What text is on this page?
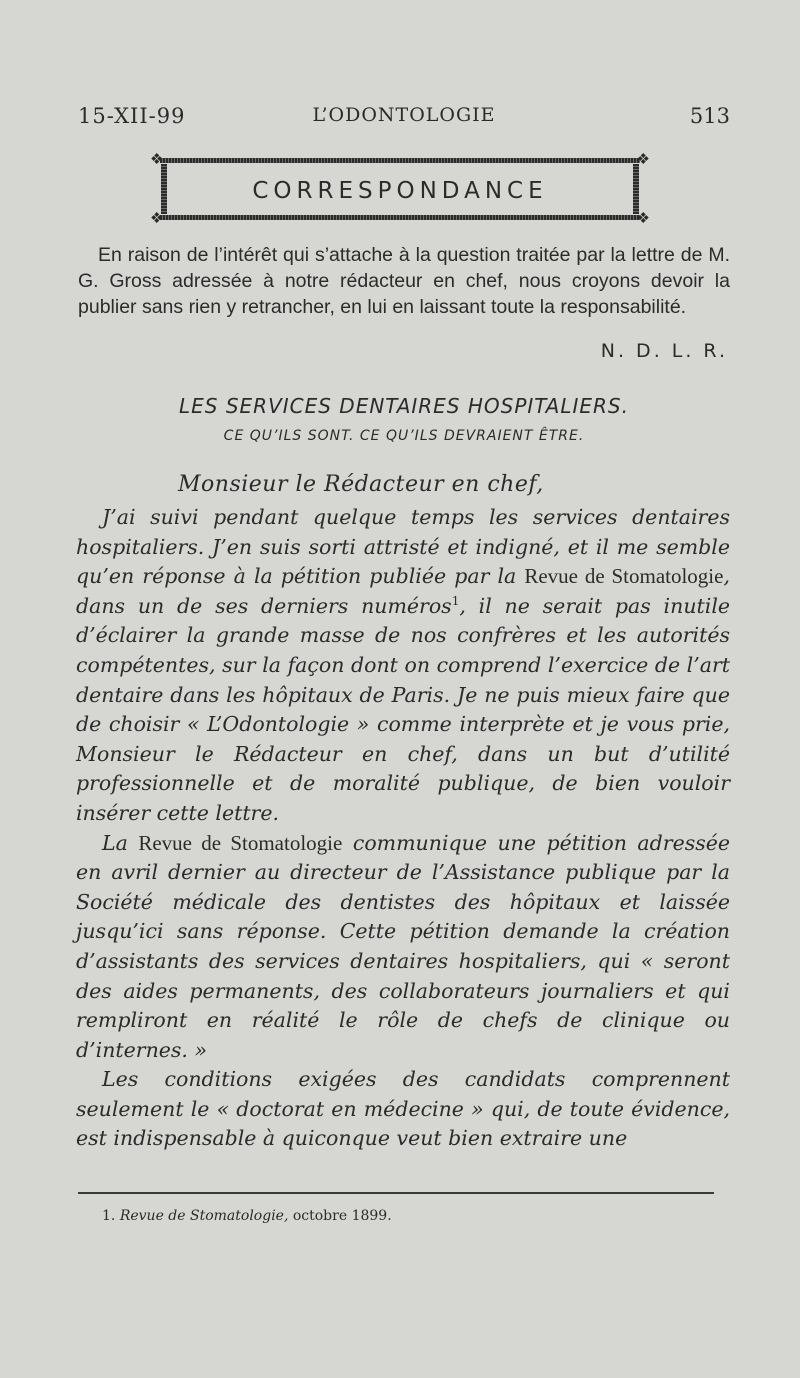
15-XII-99	L’ODONTOLOGIE	513
❖	❖
❖	❖
CORRESPONDANCE

En raison de l’intérêt qui s’attache à la question traitée par la lettre de M. G. Gross adressée à notre rédacteur en chef, nous croyons devoir la publier sans rien y retrancher, en lui en laissant toute la responsabilité.

N. D. L. R.
LES SERVICES DENTAIRES HOSPITALIERS.
CE QU’ILS SONT. CE QU’ILS DEVRAIENT ÊTRE.
Monsieur le Rédacteur en chef,

J’ai suivi pendant quelque temps les services dentaires hospitaliers. J’en suis sorti attristé et indigné, et il me semble qu’en réponse à la pétition publiée par la Revue de Stomatologie, dans un de ses derniers numéros$^1$, il ne serait pas inutile d’éclairer la grande masse de nos confrères et les autorités compétentes, sur la façon dont on comprend l’exercice de l’art dentaire dans les hôpitaux de Paris. Je ne puis mieux faire que de choisir « L’Odontologie » comme interprète et je vous prie, Monsieur le Rédacteur en chef, dans un but d’utilité professionnelle et de moralité publique, de bien vouloir insérer cette lettre.

La Revue de Stomatologie communique une pétition adressée en avril dernier au directeur de l’Assistance publique par la Société médicale des dentistes des hôpitaux et laissée jusqu’ici sans réponse. Cette pétition demande la création d’assistants des services dentaires hospitaliers, qui « seront des aides permanents, des collaborateurs journaliers et qui rempliront en réalité le rôle de chefs de clinique ou d’internes. »

Les conditions exigées des candidats comprennent seulement le « doctorat en médecine » qui, de toute évidence, est indispensable à quiconque veut bien extraire une

1. Revue de Stomatologie, octobre 1899.
